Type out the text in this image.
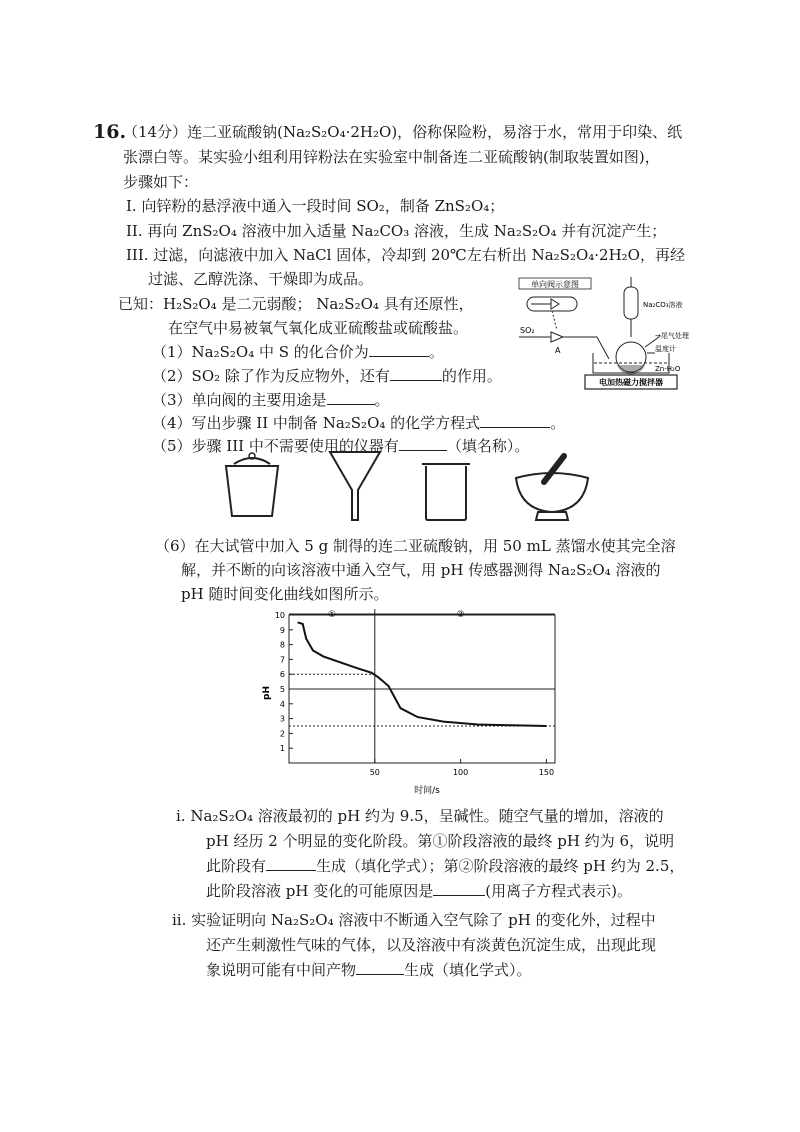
16.
（14分）连二亚硫酸钠(Na₂S₂O₄·2H₂O)，俗称保险粉，易溶于水，常用于印染、纸
张漂白等。某实验小组利用锌粉法在实验室中制备连二亚硫酸钠(制取装置如图)，
步骤如下：
I. 向锌粉的悬浮液中通入一段时间 SO₂，制备 ZnS₂O₄；
II. 再向 ZnS₂O₄ 溶液中加入适量 Na₂CO₃ 溶液，生成 Na₂S₂O₄ 并有沉淀产生；
III. 过滤，向滤液中加入 NaCl 固体，冷却到 20℃左右析出 Na₂S₂O₄·2H₂O，再经
过滤、乙醇洗涤、干燥即为成品。
已知：H₂S₂O₄ 是二元弱酸； Na₂S₂O₄ 具有还原性，
在空气中易被氧气氧化成亚硫酸盐或硫酸盐。
（1）Na₂S₂O₄ 中 S 的化合价为	。
（2）SO₂ 除了作为反应物外，还有	的作用。
（3）单向阀的主要用途是	。
（4）写出步骤 II 中制备 Na₂S₂O₄ 的化学方程式	。
（5）步骤 III 中不需要使用的仪器有	（填名称）。
单向阀示意图
SO₂
A
Na₂CO₃溶液
→尾气处理
温度计
Zn-H₂O
电加热磁力搅拌器
（6）在大试管中加入 5 g 制得的连二亚硫酸钠，用 50 mL 蒸馏水使其完全溶
解，并不断的向该溶液中通入空气，用 pH 传感器测得 Na₂S₂O₄ 溶液的
pH 随时间变化曲线如图所示。
1
2
3
4
5
6
7
8
9
10
50	100	150
①	②
pH
时间/s
i. Na₂S₂O₄ 溶液最初的 pH 约为 9.5，呈碱性。随空气量的增加，溶液的
pH 经历 2 个明显的变化阶段。第①阶段溶液的最终 pH 约为 6，说明
此阶段有	生成（填化学式）；第②阶段溶液的最终 pH 约为 2.5，
此阶段溶液 pH 变化的可能原因是	(用离子方程式表示)。
ii. 实验证明向 Na₂S₂O₄ 溶液中不断通入空气除了 pH 的变化外，过程中
还产生刺激性气味的气体，以及溶液中有淡黄色沉淀生成，出现此现
象说明可能有中间产物	生成（填化学式）。
